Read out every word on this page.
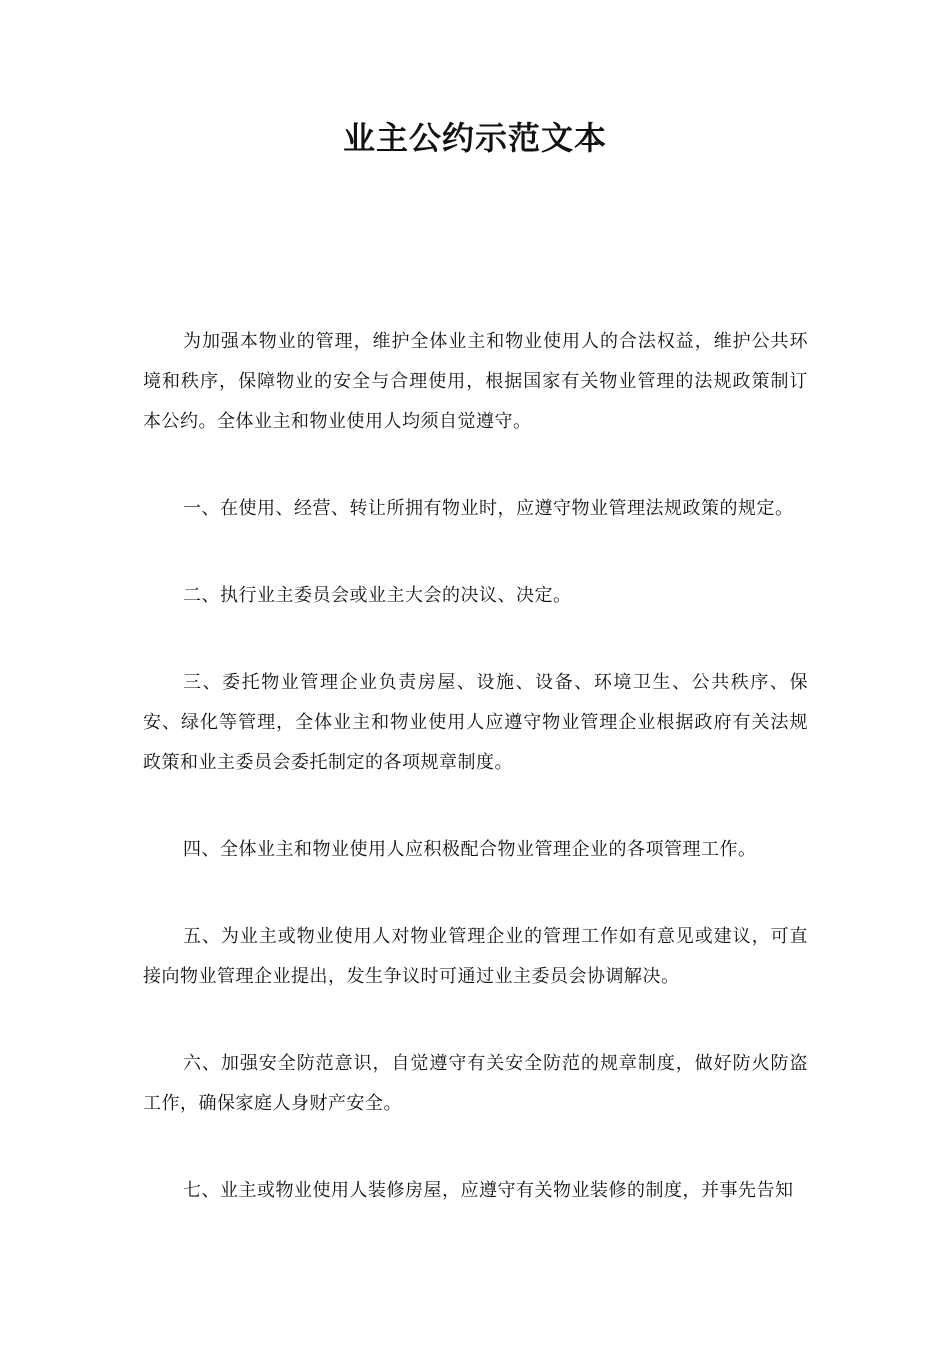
业主公约示范文本

为加强本物业的管理，维护全体业主和物业使用人的合法权益，维护公共环境和秩序，保障物业的安全与合理使用，根据国家有关物业管理的法规政策制订本公约。全体业主和物业使用人均须自觉遵守。

一、在使用、经营、转让所拥有物业时，应遵守物业管理法规政策的规定。

二、执行业主委员会或业主大会的决议、决定。

三、委托物业管理企业负责房屋、设施、设备、环境卫生、公共秩序、保安、绿化等管理，全体业主和物业使用人应遵守物业管理企业根据政府有关法规政策和业主委员会委托制定的各项规章制度。

四、全体业主和物业使用人应积极配合物业管理企业的各项管理工作。

五、为业主或物业使用人对物业管理企业的管理工作如有意见或建议，可直接向物业管理企业提出，发生争议时可通过业主委员会协调解决。

六、加强安全防范意识，自觉遵守有关安全防范的规章制度，做好防火防盗工作，确保家庭人身财产安全。

七、业主或物业使用人装修房屋，应遵守有关物业装修的制度，并事先告知
